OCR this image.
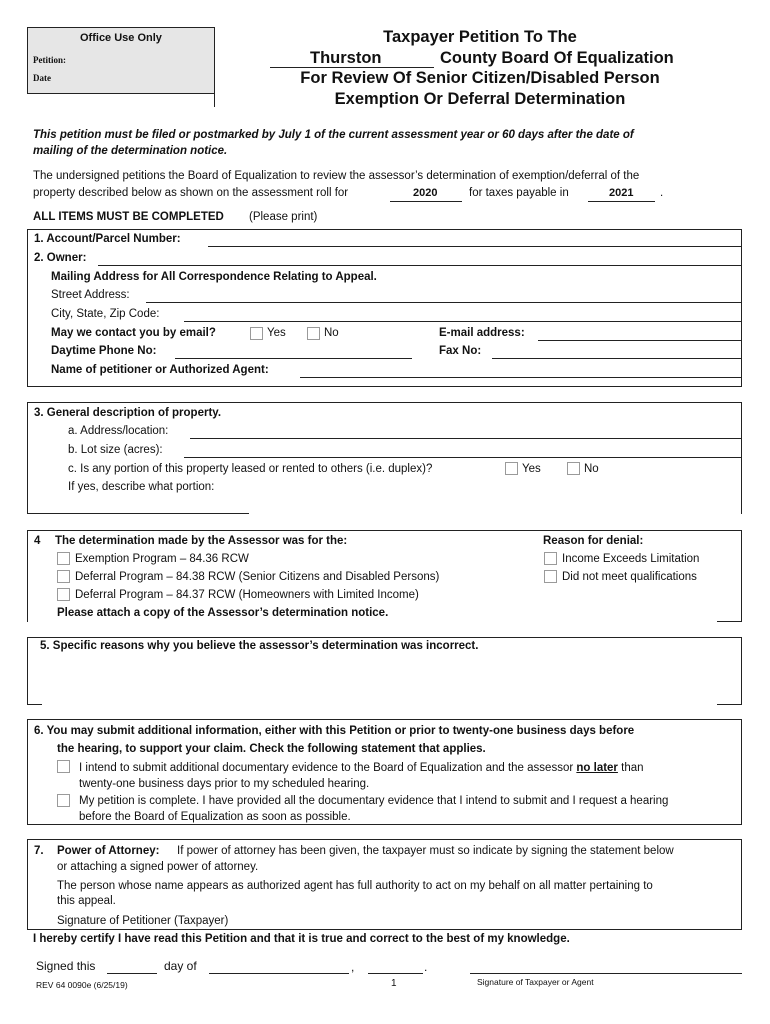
Office Use Only
Petition:
Date
Taxpayer Petition To The
Thurston	County Board Of Equalization
For Review Of Senior Citizen/Disabled Person
Exemption Or Deferral Determination
This petition must be filed or postmarked by July 1 of the current assessment year or 60 days after the date of
mailing of the determination notice.
The undersigned petitions the Board of Equalization to review the assessor’s determination of exemption/deferral of the
property described below as shown on the assessment roll for	2020	for taxes payable in	2021 .
ALL ITEMS MUST BE COMPLETED (Please print)
1. Account/Parcel Number:
2. Owner:
Mailing Address for All Correspondence Relating to Appeal.
Street Address:
City, State, Zip Code:
May we contact you by email?	Yes	No	E-mail address:
Daytime Phone No:	Fax No:
Name of petitioner or Authorized Agent:
3. General description of property.
a. Address/location:
b. Lot size (acres):
c. Is any portion of this property leased or rented to others (i.e. duplex)?	Yes	No
If yes, describe what portion:
4 The determination made by the Assessor was for the:
Exemption Program – 84.36 RCW
Deferral Program – 84.38 RCW (Senior Citizens and Disabled Persons)
Deferral Program – 84.37 RCW (Homeowners with Limited Income)
Please attach a copy of the Assessor’s determination notice.
Reason for denial:
Income Exceeds Limitation
Did not meet qualifications
5. Specific reasons why you believe the assessor’s determination was incorrect.
6. You may submit additional information, either with this Petition or prior to twenty-one business days before
the hearing, to support your claim. Check the following statement that applies.
I intend to submit additional documentary evidence to the Board of Equalization and the assessor no later than
twenty-one business days prior to my scheduled hearing.
My petition is complete. I have provided all the documentary evidence that I intend to submit and I request a hearing
before the Board of Equalization as soon as possible.
7. Power of Attorney: If power of attorney has been given, the taxpayer must so indicate by signing the statement below
or attaching a signed power of attorney.
The person whose name appears as authorized agent has full authority to act on my behalf on all matter pertaining to
this appeal.
Signature of Petitioner (Taxpayer)
I hereby certify I have read this Petition and that it is true and correct to the best of my knowledge.
Signed this	day of	,	.
Signature of Taxpayer or Agent
REV 64 0090e (6/25/19)	1
